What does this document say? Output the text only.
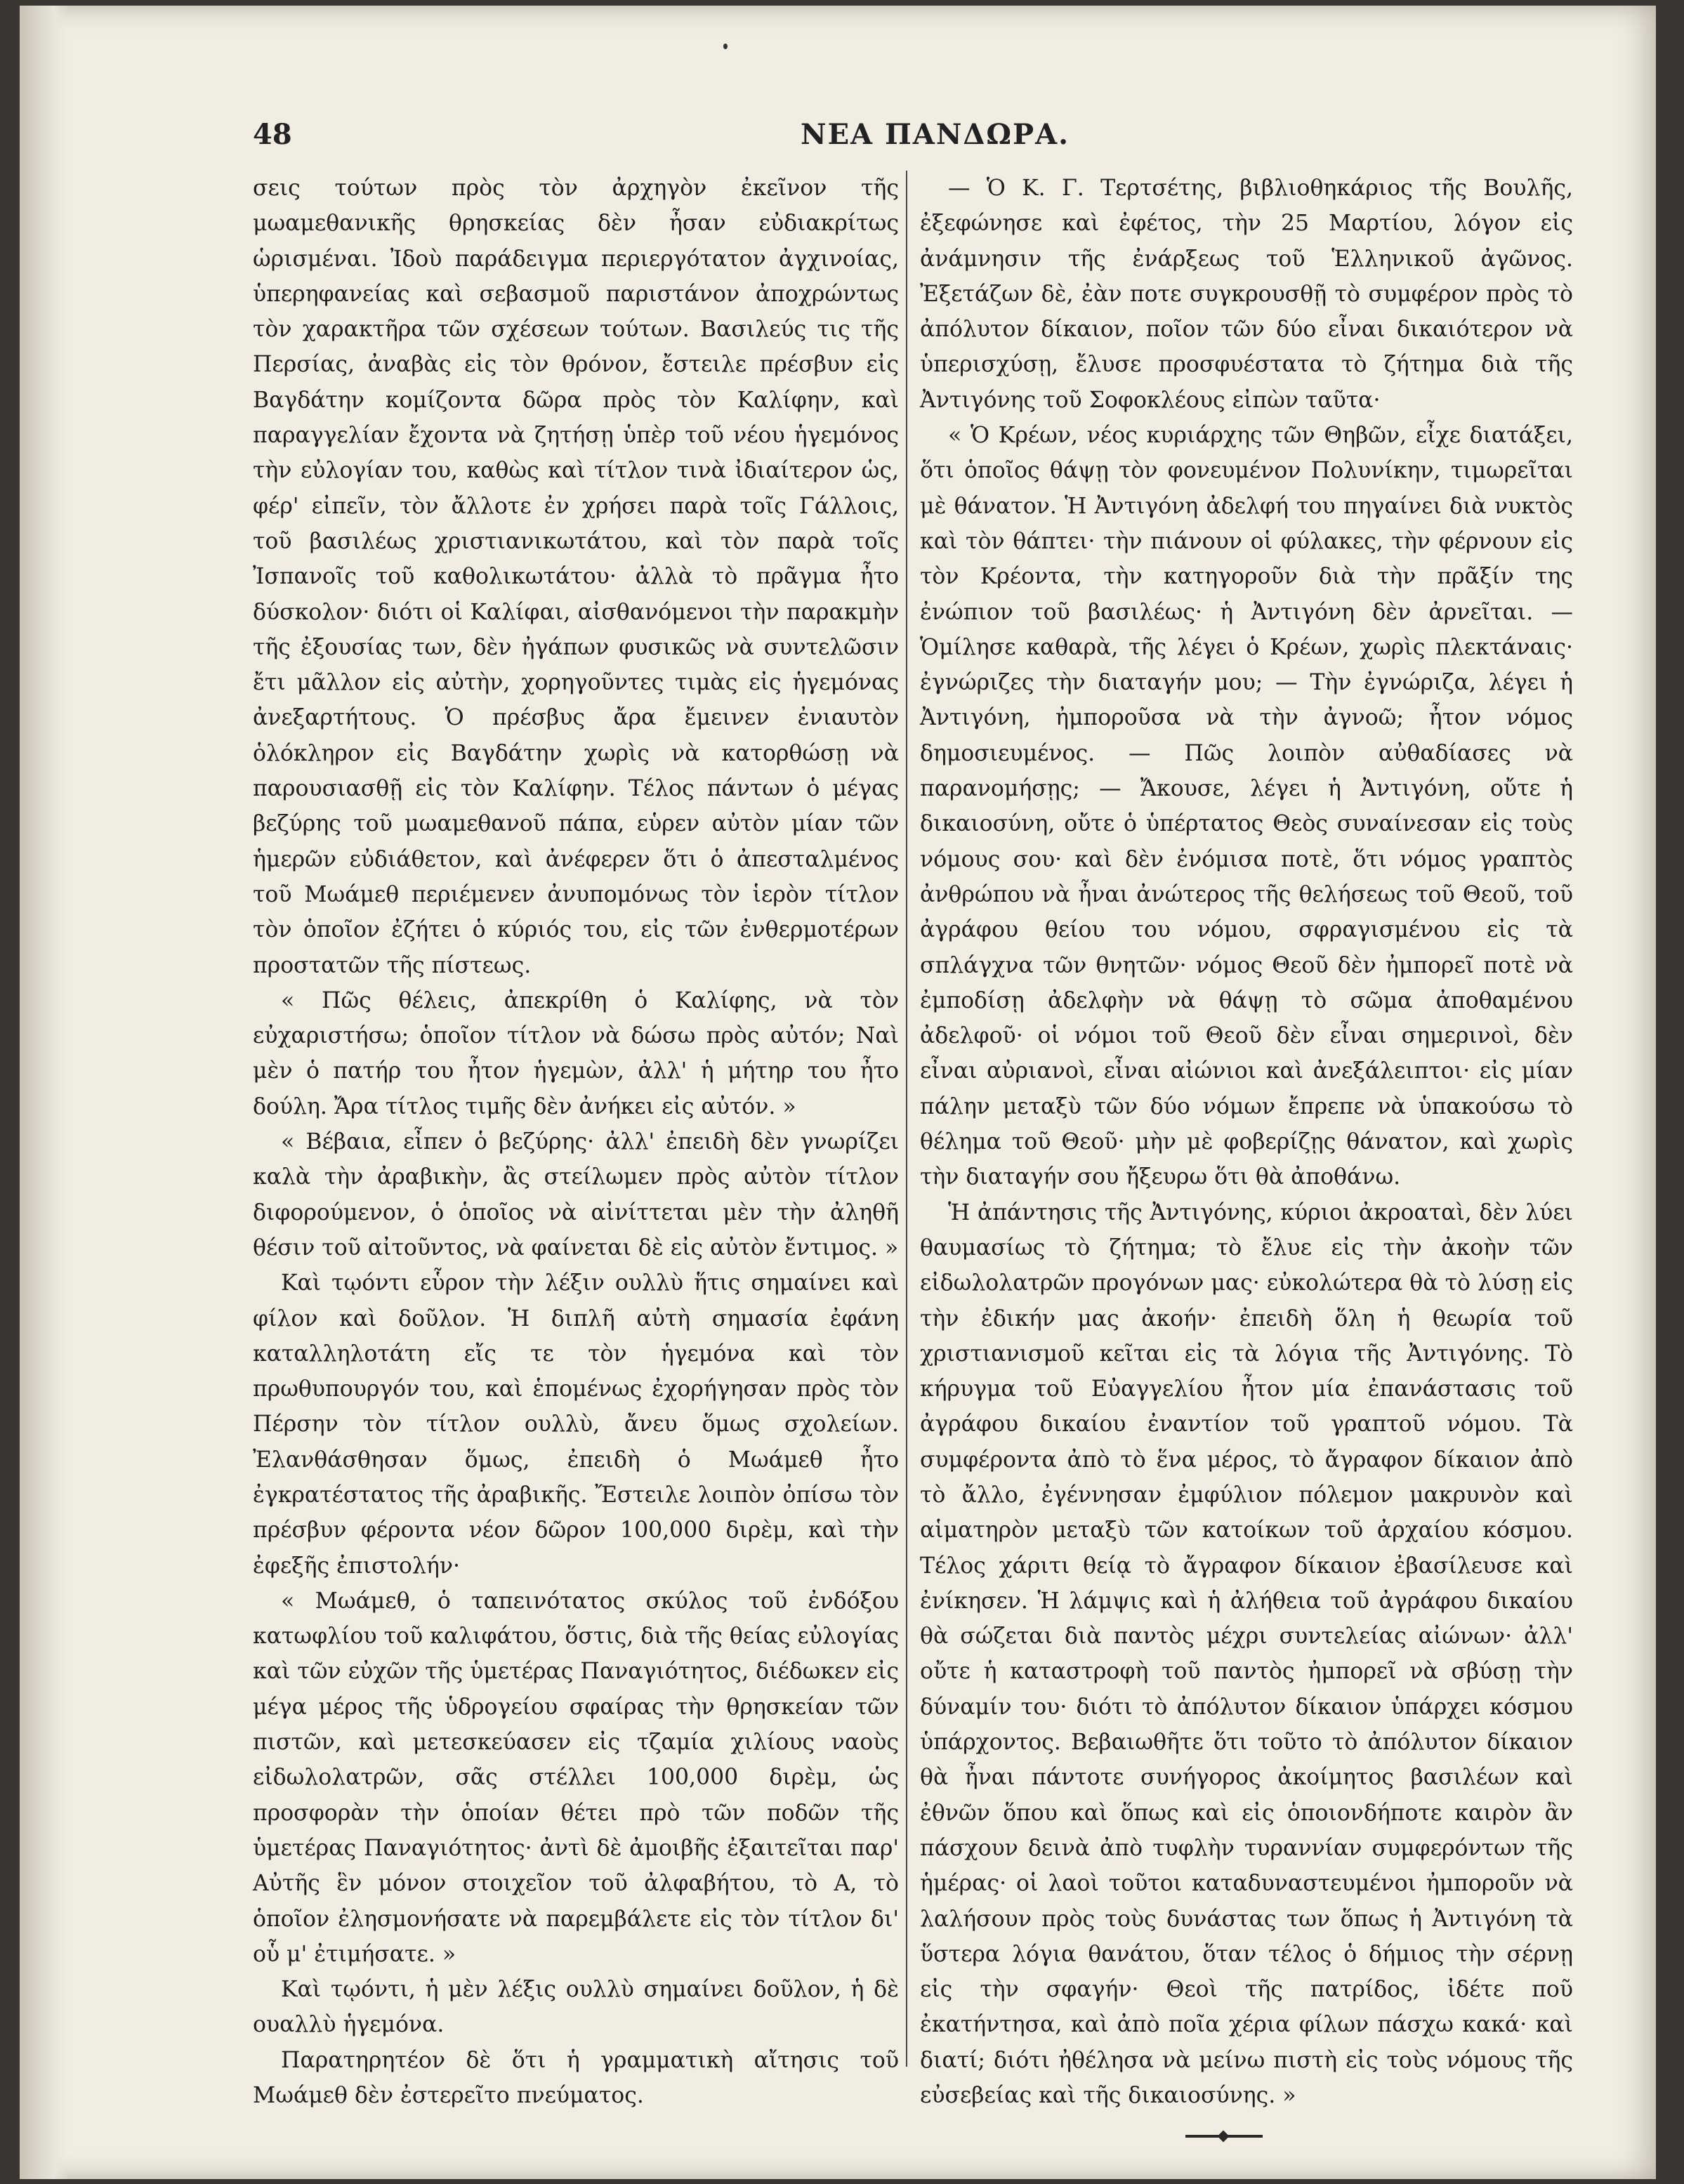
48	ΝΕΑ ΠΑΝΔΩΡΑ.

σεις τούτων πρὸς τὸν ἀρχηγὸν ἐκεῖνον τῆς μωαμεθανικῆς θρησκείας δὲν ἦσαν εὐδιακρίτως ὡρισμέναι. Ἰδοὺ παράδειγμα περιεργότατον ἀγχινοίας, ὑπερηφανείας καὶ σεβασμοῦ παριστάνον ἀποχρώντως τὸν χαρακτῆρα τῶν σχέσεων τούτων. Βασιλεύς τις τῆς Περσίας, ἀναβὰς εἰς τὸν θρόνον, ἔστειλε πρέσβυν εἰς Βαγδάτην κομίζοντα δῶρα πρὸς τὸν Καλίφην, καὶ παραγγελίαν ἔχοντα νὰ ζητήσῃ ὑπὲρ τοῦ νέου ἡγεμόνος τὴν εὐλογίαν του, καθὼς καὶ τίτλον τινὰ ἰδιαίτερον ὡς, φέρ' εἰπεῖν, τὸν ἄλλοτε ἐν χρήσει παρὰ τοῖς Γάλλοις, τοῦ βασιλέως χριστιανικωτάτου, καὶ τὸν παρὰ τοῖς Ἰσπανοῖς τοῦ καθολικωτάτου· ἀλλὰ τὸ πρᾶγμα ἦτο δύσκολον· διότι οἱ Καλίφαι, αἰσθανόμενοι τὴν παρακμὴν τῆς ἐξουσίας των, δὲν ἠγάπων φυσικῶς νὰ συντελῶσιν ἔτι μᾶλλον εἰς αὐτὴν, χορηγοῦντες τιμὰς εἰς ἡγεμόνας ἀνεξαρτήτους. Ὁ πρέσβυς ἄρα ἔμεινεν ἐνιαυτὸν ὁλόκληρον εἰς Βαγδάτην χωρὶς νὰ κατορθώσῃ νὰ παρουσιασθῇ εἰς τὸν Καλίφην. Τέλος πάντων ὁ μέγας βεζύρης τοῦ μωαμεθανοῦ πάπα, εὑρεν αὐτὸν μίαν τῶν ἡμερῶν εὐδιάθετον, καὶ ἀνέφερεν ὅτι ὁ ἀπεσταλμένος τοῦ Μωάμεθ περιέμενεν ἀνυπομόνως τὸν ἱερὸν τίτλον τὸν ὁποῖον ἐζήτει ὁ κύριός του, εἰς τῶν ἐνθερμοτέρων προστατῶν τῆς πίστεως.

« Πῶς θέλεις, ἀπεκρίθη ὁ Καλίφης, νὰ τὸν εὐχαριστήσω; ὁποῖον τίτλον νὰ δώσω πρὸς αὐτόν; Ναὶ μὲν ὁ πατήρ του ἦτον ἡγεμὼν, ἀλλ' ἡ μήτηρ του ἦτο δούλη. Ἄρα τίτλος τιμῆς δὲν ἀνήκει εἰς αὐτόν. »

« Βέβαια, εἶπεν ὁ βεζύρης· ἀλλ' ἐπειδὴ δὲν γνωρίζει καλὰ τὴν ἀραβικὴν, ἂς στείλωμεν πρὸς αὐτὸν τίτλον διφορούμενον, ὁ ὁποῖος νὰ αἰνίττεται μὲν τὴν ἀληθῆ θέσιν τοῦ αἰτοῦντος, νὰ φαίνεται δὲ εἰς αὐτὸν ἔντιμος. »

Καὶ τῳόντι εὗρον τὴν λέξιν ουλλὺ ἥτις σημαίνει καὶ φίλον καὶ δοῦλον. Ἡ διπλῆ αὐτὴ σημασία ἐφάνη καταλληλοτάτη εἴς τε τὸν ἡγεμόνα καὶ τὸν πρωθυπουργόν του, καὶ ἑπομένως ἐχορήγησαν πρὸς τὸν Πέρσην τὸν τίτλον ουλλὺ, ἄνευ ὅμως σχολείων. Ἐλανθάσθησαν ὅμως, ἐπειδὴ ὁ Μωάμεθ ἦτο ἐγκρατέστατος τῆς ἀραβικῆς. Ἔστειλε λοιπὸν ὀπίσω τὸν πρέσβυν φέροντα νέον δῶρον 100,000 διρὲμ, καὶ τὴν ἐφεξῆς ἐπιστολήν·

« Μωάμεθ, ὁ ταπεινότατος σκύλος τοῦ ἐνδόξου κατωφλίου τοῦ καλιφάτου, ὅστις, διὰ τῆς θείας εὐλογίας καὶ τῶν εὐχῶν τῆς ὑμετέρας Παναγιότητος, διέδωκεν εἰς μέγα μέρος τῆς ὑδρογείου σφαίρας τὴν θρησκείαν τῶν πιστῶν, καὶ μετεσκεύασεν εἰς τζαμία χιλίους ναοὺς εἰδωλολατρῶν, σᾶς στέλλει 100,000 διρὲμ, ὡς προσφορὰν τὴν ὁποίαν θέτει πρὸ τῶν ποδῶν τῆς ὑμετέρας Παναγιότητος· ἀντὶ δὲ ἀμοιβῆς ἐξαιτεῖται παρ' Αὐτῆς ἓν μόνον στοιχεῖον τοῦ ἀλφαβήτου, τὸ Α, τὸ ὁποῖον ἐλησμονήσατε νὰ παρεμβάλετε εἰς τὸν τίτλον δι' οὗ μ' ἐτιμήσατε. »

Καὶ τῳόντι, ἡ μὲν λέξις ουλλὺ σημαίνει δοῦλον, ἡ δὲ ουαλλὺ ἡγεμόνα.

Παρατηρητέον δὲ ὅτι ἡ γραμματικὴ αἴτησις τοῦ Μωάμεθ δὲν ἐστερεῖτο πνεύματος.

— Ὁ Κ. Γ. Τερτσέτης, βιβλιοθηκάριος τῆς Βουλῆς, ἐξεφώνησε καὶ ἐφέτος, τὴν 25 Μαρτίου, λόγον εἰς ἀνάμνησιν τῆς ἐνάρξεως τοῦ Ἑλληνικοῦ ἀγῶνος. Ἐξετάζων δὲ, ἐὰν ποτε συγκρουσθῇ τὸ συμφέρον πρὸς τὸ ἀπόλυτον δίκαιον, ποῖον τῶν δύο εἶναι δικαιότερον νὰ ὑπερισχύσῃ, ἔλυσε προσφυέστατα τὸ ζήτημα διὰ τῆς Ἀντιγόνης τοῦ Σοφοκλέους εἰπὼν ταῦτα·

« Ὁ Κρέων, νέος κυριάρχης τῶν Θηβῶν, εἶχε διατάξει, ὅτι ὁποῖος θάψῃ τὸν φονευμένον Πολυνίκην, τιμωρεῖται μὲ θάνατον. Ἡ Ἀντιγόνη ἀδελφή του πηγαίνει διὰ νυκτὸς καὶ τὸν θάπτει· τὴν πιάνουν οἱ φύλακες, τὴν φέρνουν εἰς τὸν Κρέοντα, τὴν κατηγοροῦν διὰ τὴν πρᾶξίν της ἐνώπιον τοῦ βασιλέως· ἡ Ἀντιγόνη δὲν ἀρνεῖται. — Ὁμίλησε καθαρὰ, τῆς λέγει ὁ Κρέων, χωρὶς πλεκτάναις· ἐγνώριζες τὴν διαταγήν μου; — Τὴν ἐγνώριζα, λέγει ἡ Ἀντιγόνη, ἠμποροῦσα νὰ τὴν ἀγνοῶ; ἦτον νόμος δημοσιευμένος. — Πῶς λοιπὸν αὐθαδίασες νὰ παρανομήσῃς; — Ἄκουσε, λέγει ἡ Ἀντιγόνη, οὔτε ἡ δικαιοσύνη, οὔτε ὁ ὑπέρτατος Θεὸς συναίνεσαν εἰς τοὺς νόμους σου· καὶ δὲν ἐνόμισα ποτὲ, ὅτι νόμος γραπτὸς ἀνθρώπου νὰ ἦναι ἀνώτερος τῆς θελήσεως τοῦ Θεοῦ, τοῦ ἀγράφου θείου του νόμου, σφραγισμένου εἰς τὰ σπλάγχνα τῶν θνητῶν· νόμος Θεοῦ δὲν ἠμπορεῖ ποτὲ νὰ ἐμποδίσῃ ἀδελφὴν νὰ θάψῃ τὸ σῶμα ἀποθαμένου ἀδελφοῦ· οἱ νόμοι τοῦ Θεοῦ δὲν εἶναι σημερινοὶ, δὲν εἶναι αὐριανοὶ, εἶναι αἰώνιοι καὶ ἀνεξάλειπτοι· εἰς μίαν πάλην μεταξὺ τῶν δύο νόμων ἔπρεπε νὰ ὑπακούσω τὸ θέλημα τοῦ Θεοῦ· μὴν μὲ φοβερίζῃς θάνατον, καὶ χωρὶς τὴν διαταγήν σου ἤξευρω ὅτι θὰ ἀποθάνω.

Ἡ ἀπάντησις τῆς Ἀντιγόνης, κύριοι ἀκροαταὶ, δὲν λύει θαυμασίως τὸ ζήτημα; τὸ ἔλυε εἰς τὴν ἀκοὴν τῶν εἰδωλολατρῶν προγόνων μας· εὐκολώτερα θὰ τὸ λύσῃ εἰς τὴν ἐδικήν μας ἀκοήν· ἐπειδὴ ὅλη ἡ θεωρία τοῦ χριστιανισμοῦ κεῖται εἰς τὰ λόγια τῆς Ἀντιγόνης. Τὸ κήρυγμα τοῦ Εὐαγγελίου ἦτον μία ἐπανάστασις τοῦ ἀγράφου δικαίου ἐναντίον τοῦ γραπτοῦ νόμου. Τὰ συμφέροντα ἀπὸ τὸ ἕνα μέρος, τὸ ἄγραφον δίκαιον ἀπὸ τὸ ἄλλο, ἐγέννησαν ἐμφύλιον πόλεμον μακρυνὸν καὶ αἱματηρὸν μεταξὺ τῶν κατοίκων τοῦ ἀρχαίου κόσμου. Τέλος χάριτι θείᾳ τὸ ἄγραφον δίκαιον ἐβασίλευσε καὶ ἐνίκησεν. Ἡ λάμψις καὶ ἡ ἀλήθεια τοῦ ἀγράφου δικαίου θὰ σώζεται διὰ παντὸς μέχρι συντελείας αἰώνων· ἀλλ' οὔτε ἡ καταστροφὴ τοῦ παντὸς ἠμπορεῖ νὰ σβύσῃ τὴν δύναμίν του· διότι τὸ ἀπόλυτον δίκαιον ὑπάρχει κόσμου ὑπάρχοντος. Βεβαιωθῆτε ὅτι τοῦτο τὸ ἀπόλυτον δίκαιον θὰ ἦναι πάντοτε συνήγορος ἀκοίμητος βασιλέων καὶ ἐθνῶν ὅπου καὶ ὅπως καὶ εἰς ὁποιονδήποτε καιρὸν ἂν πάσχουν δεινὰ ἀπὸ τυφλὴν τυραννίαν συμφερόντων τῆς ἡμέρας· οἱ λαοὶ τοῦτοι καταδυναστευμένοι ἠμποροῦν νὰ λαλήσουν πρὸς τοὺς δυνάστας των ὅπως ἡ Ἀντιγόνη τὰ ὕστερα λόγια θανάτου, ὅταν τέλος ὁ δήμιος τὴν σέρνῃ εἰς τὴν σφαγήν· Θεοὶ τῆς πατρίδος, ἰδέτε ποῦ ἐκατήντησα, καὶ ἀπὸ ποῖα χέρια φίλων πάσχω κακά· καὶ διατί; διότι ἠθέλησα νὰ μείνω πιστὴ εἰς τοὺς νόμους τῆς εὐσεβείας καὶ τῆς δικαιοσύνης. »
